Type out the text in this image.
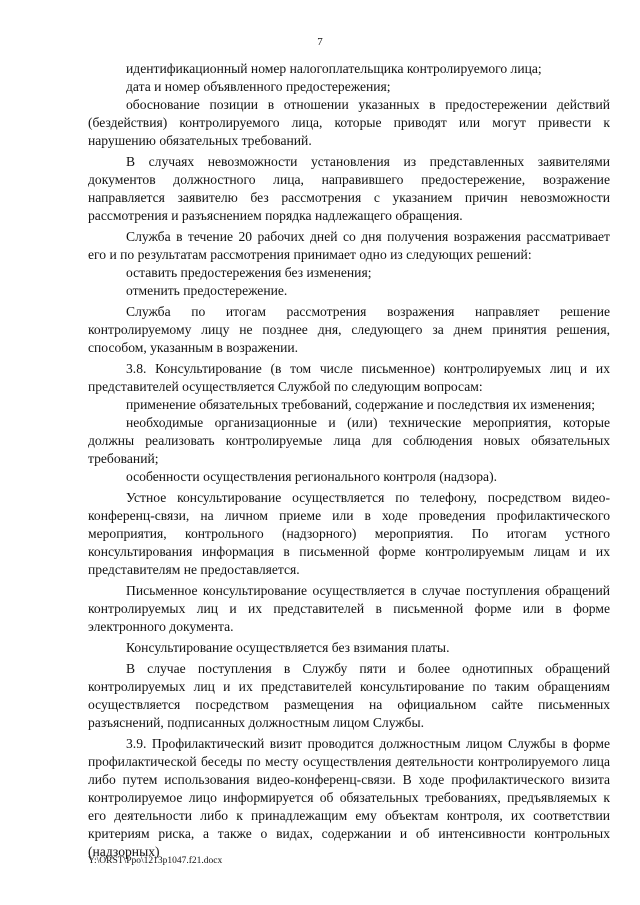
7

идентификационный номер налогоплательщика контролируемого лица;

дата и номер объявленного предостережения;

обоснование позиции в отношении указанных в предостережении действий (бездействия) контролируемого лица, которые приводят или могут привести к нарушению обязательных требований.

В случаях невозможности установления из представленных заявителями документов должностного лица, направившего предостережение, возражение направляется заявителю без рассмотрения с указанием причин невозможности рассмотрения и разъяснением порядка надлежащего обращения.

Служба в течение 20 рабочих дней со дня получения возражения рассматривает его и по результатам рассмотрения принимает одно из следующих решений:

оставить предостережения без изменения;

отменить предостережение.

Служба по итогам рассмотрения возражения направляет решение контролируемому лицу не позднее дня, следующего за днем принятия решения, способом, указанным в возражении.

3.8. Консультирование (в том числе письменное) контролируемых лиц и их представителей осуществляется Службой по следующим вопросам:

применение обязательных требований, содержание и последствия их изменения;

необходимые организационные и (или) технические мероприятия, которые должны реализовать контролируемые лица для соблюдения новых обязательных требований;

особенности осуществления регионального контроля (надзора).

Устное консультирование осуществляется по телефону, посредством видео-конференц-связи, на личном приеме или в ходе проведения профилактического мероприятия, контрольного (надзорного) мероприятия. По итогам устного консультирования информация в письменной форме контролируемым лицам и их представителям не предоставляется.

Письменное консультирование осуществляется в случае поступления обращений контролируемых лиц и их представителей в письменной форме или в форме электронного документа.

Консультирование осуществляется без взимания платы.

В случае поступления в Службу пяти и более однотипных обращений контролируемых лиц и их представителей консультирование по таким обращениям осуществляется посредством размещения на официальном сайте письменных разъяснений, подписанных должностным лицом Службы.

3.9. Профилактический визит проводится должностным лицом Службы в форме профилактической беседы по месту осуществления деятельности контролируемого лица либо путем использования видео-конференц-связи. В ходе профилактического визита контролируемое лицо информируется об обязательных требованиях, предъявляемых к его деятельности либо к принадлежащим ему объектам контроля, их соответствии критериям риска, а также о видах, содержании и об интенсивности контрольных (надзорных)

Y:\ORST\Ppo\1213p1047.f21.docx
